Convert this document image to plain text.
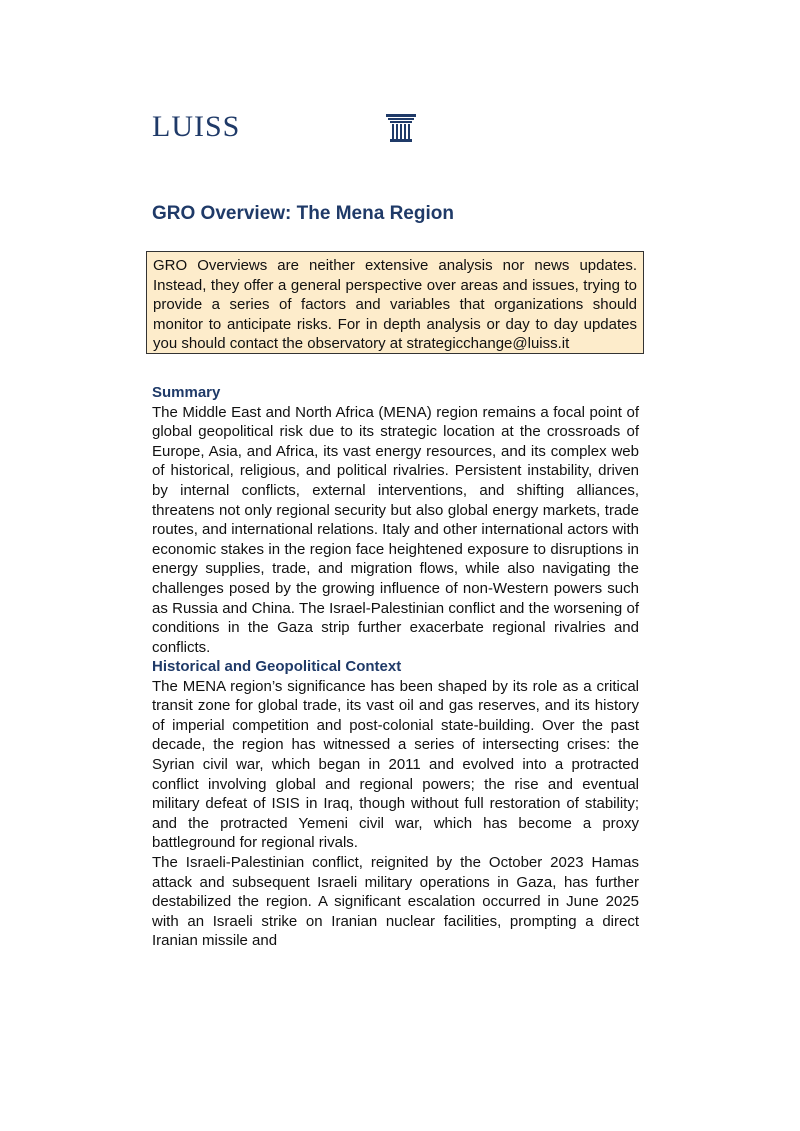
LUISS
GRO Overview: The Mena Region
GRO Overviews are neither extensive analysis nor news updates. Instead, they offer a general perspective over areas and issues, trying to provide a series of factors and variables that organizations should monitor to anticipate risks. For in depth analysis or day to day updates you should contact the observatory at strategicchange@luiss.it
Summary

The Middle East and North Africa (MENA) region remains a focal point of global geopolitical risk due to its strategic location at the crossroads of Europe, Asia, and Africa, its vast energy resources, and its complex web of historical, religious, and political rivalries. Persistent instability, driven by internal conflicts, external interventions, and shifting alliances, threatens not only regional security but also global energy markets, trade routes, and international relations. Italy and other international actors with economic stakes in the region face heightened exposure to disruptions in energy supplies, trade, and migration flows, while also navigating the challenges posed by the growing influence of non-Western powers such as Russia and China. The Israel-Palestinian conflict and the worsening of conditions in the Gaza strip further exacerbate regional rivalries and conflicts.

Historical and Geopolitical Context

The MENA region’s significance has been shaped by its role as a critical transit zone for global trade, its vast oil and gas reserves, and its history of imperial competition and post-colonial state-building. Over the past decade, the region has witnessed a series of intersecting crises: the Syrian civil war, which began in 2011 and evolved into a protracted conflict involving global and regional powers; the rise and eventual military defeat of ISIS in Iraq, though without full restoration of stability; and the protracted Yemeni civil war, which has become a proxy battleground for regional rivals.

The Israeli-Palestinian conflict, reignited by the October 2023 Hamas attack and subsequent Israeli military operations in Gaza, has further destabilized the region. A significant escalation occurred in June 2025 with an Israeli strike on Iranian nuclear facilities, prompting a direct Iranian missile and
